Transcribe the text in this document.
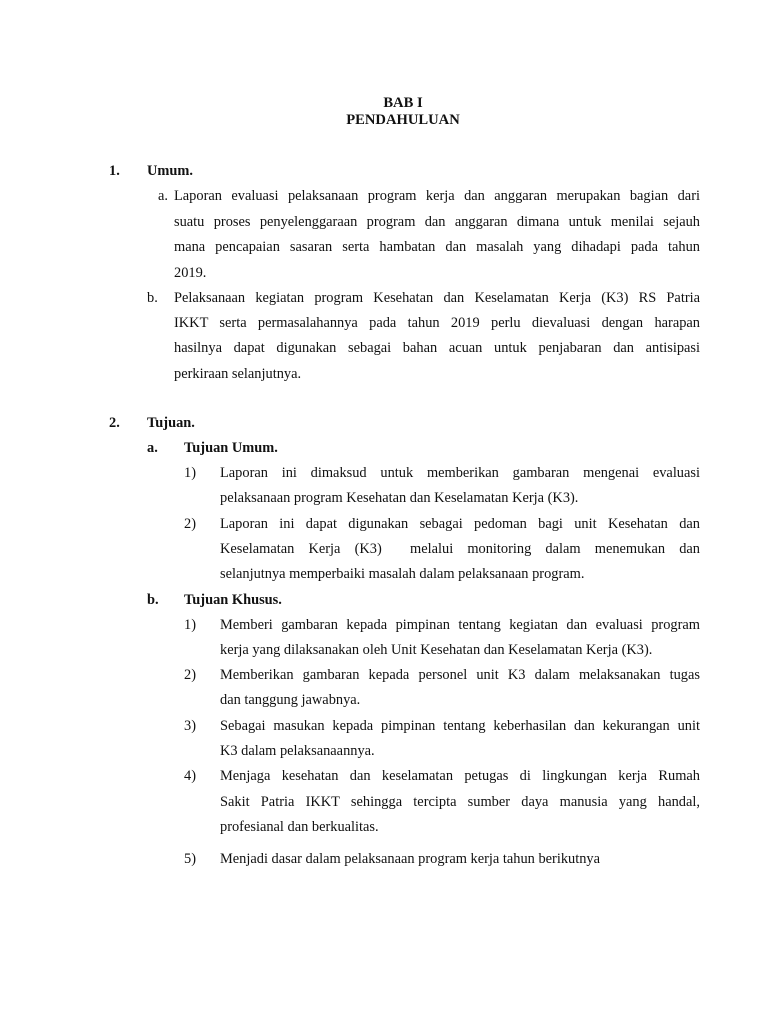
BAB I
PENDAHULUAN
1. Umum.
a. Laporan evaluasi pelaksanaan program kerja dan anggaran merupakan bagian dari
suatu proses penyelenggaraan program dan anggaran dimana untuk menilai sejauh
mana pencapaian sasaran serta hambatan dan masalah yang dihadapi pada tahun
2019.
b. Pelaksanaan kegiatan program Kesehatan dan Keselamatan Kerja (K3) RS Patria
IKKT serta permasalahannya pada tahun 2019 perlu dievaluasi dengan harapan
hasilnya dapat digunakan sebagai bahan acuan untuk penjabaran dan antisipasi
perkiraan selanjutnya.
2. Tujuan.
a. Tujuan Umum.
1) Laporan ini dimaksud untuk memberikan gambaran mengenai evaluasi
pelaksanaan program Kesehatan dan Keselamatan Kerja (K3).
2) Laporan ini dapat digunakan sebagai pedoman bagi unit Kesehatan dan
Keselamatan Kerja (K3)  melalui monitoring dalam menemukan dan
selanjutnya memperbaiki masalah dalam pelaksanaan program.
b. Tujuan Khusus.
1) Memberi gambaran kepada pimpinan tentang kegiatan dan evaluasi program
kerja yang dilaksanakan oleh Unit Kesehatan dan Keselamatan Kerja (K3).
2) Memberikan gambaran kepada personel unit K3 dalam melaksanakan tugas
dan tanggung jawabnya.
3) Sebagai masukan kepada pimpinan tentang keberhasilan dan kekurangan unit
K3 dalam pelaksanaannya.
4) Menjaga kesehatan dan keselamatan petugas di lingkungan kerja Rumah
Sakit Patria IKKT sehingga tercipta sumber daya manusia yang handal,
profesianal dan berkualitas.
5) Menjadi dasar dalam pelaksanaan program kerja tahun berikutnya
